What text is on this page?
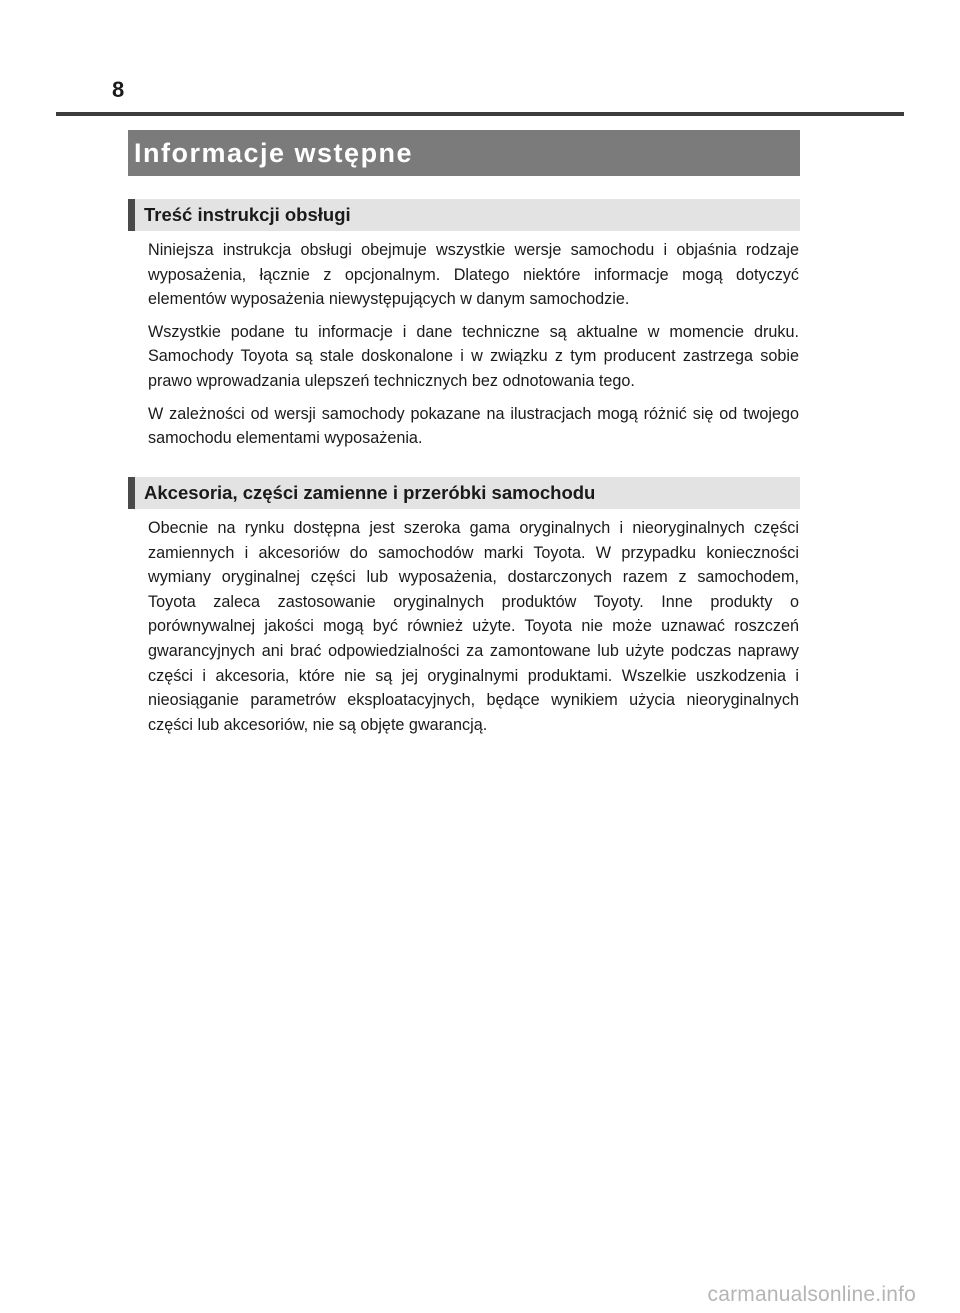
8
Informacje wstępne
Treść instrukcji obsługi

Niniejsza instrukcja obsługi obejmuje wszystkie wersje samochodu i objaśnia rodzaje wyposażenia, łącznie z opcjonalnym. Dlatego niektóre informacje mogą dotyczyć elementów wyposażenia niewystępujących w danym samochodzie.

Wszystkie podane tu informacje i dane techniczne są aktualne w momencie druku. Samochody Toyota są stale doskonalone i w związku z tym producent zastrzega sobie prawo wprowadzania ulepszeń technicznych bez odnotowania tego.

W zależności od wersji samochody pokazane na ilustracjach mogą różnić się od twojego samochodu elementami wyposażenia.

Akcesoria, części zamienne i przeróbki samochodu

Obecnie na rynku dostępna jest szeroka gama oryginalnych i nieoryginalnych części zamiennych i akcesoriów do samochodów marki Toyota. W przypadku konieczności wymiany oryginalnej części lub wyposażenia, dostarczonych razem z samochodem, Toyota zaleca zastosowanie oryginalnych produktów Toyoty. Inne produkty o porównywalnej jakości mogą być również użyte. Toyota nie może uznawać roszczeń gwarancyjnych ani brać odpowiedzialności za zamontowane lub użyte podczas naprawy części i akcesoria, które nie są jej oryginalnymi produktami. Wszelkie uszkodzenia i nieosiąganie parametrów eksploatacyjnych, będące wynikiem użycia nieoryginalnych części lub akcesoriów, nie są objęte gwarancją.

carmanualsonline.info
